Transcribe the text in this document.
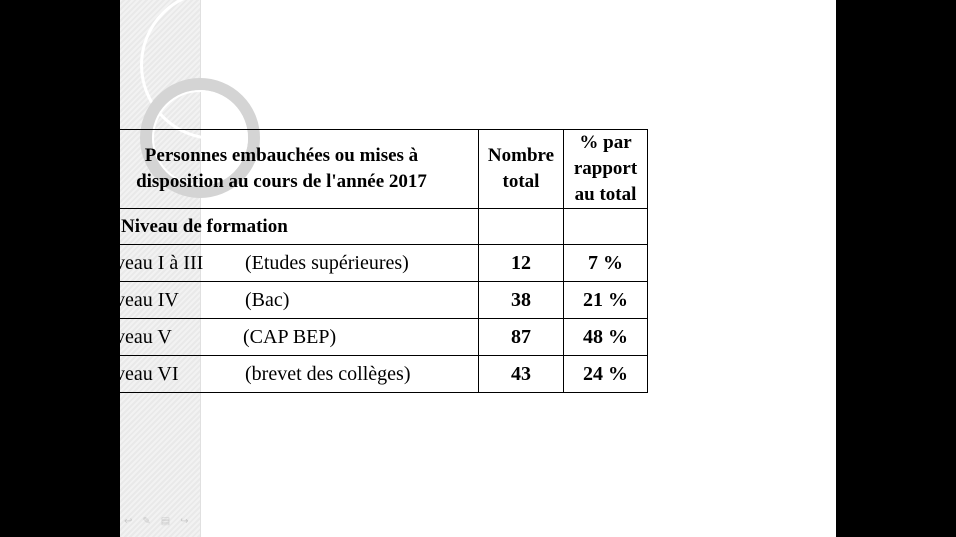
↩ ✎ ▤ ↪
Personnes embauchées ou mises à disposition au cours de l'année 2017	Nombre total	% par rapport au total
Niveau de formation		
Niveau I à III (Etudes supérieures)	12	7 %
Niveau IV (Bac)	38	21 %
Niveau V (CAP BEP)	87	48 %
Niveau VI (brevet des collèges)	43	24 %
